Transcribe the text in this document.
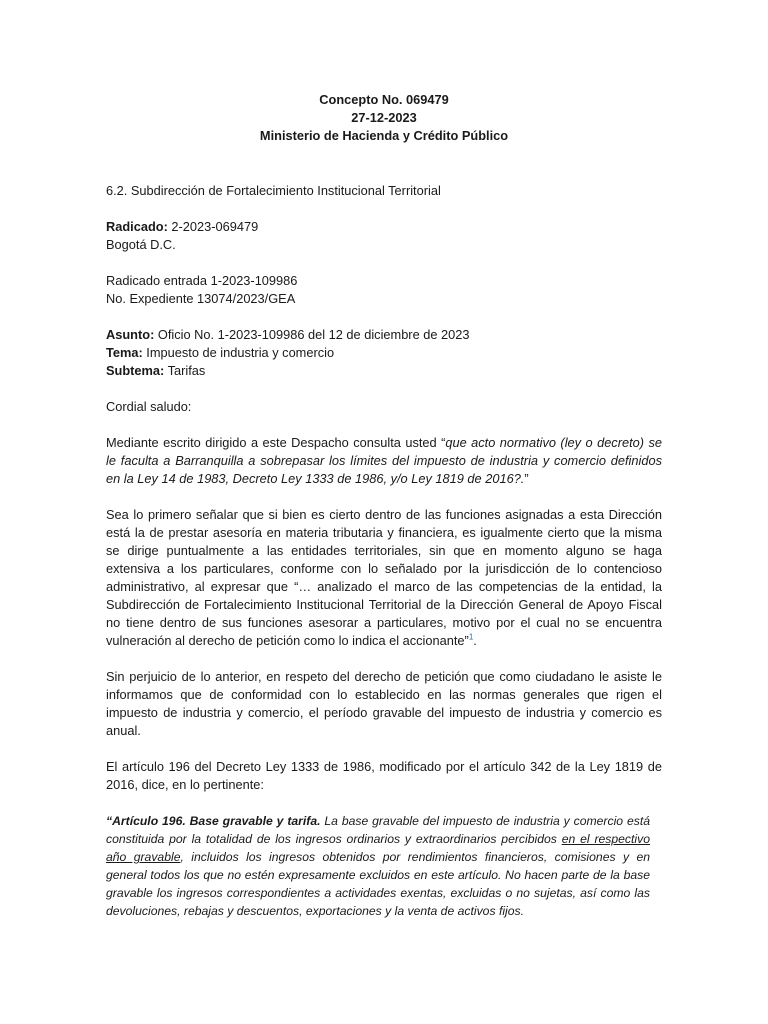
Concepto No. 069479
27-12-2023
Ministerio de Hacienda y Crédito Público

6.2. Subdirección de Fortalecimiento Institucional Territorial

Radicado: 2-2023-069479

Bogotá D.C.

Radicado entrada 1-2023-109986

No. Expediente 13074/2023/GEA

Asunto: Oficio No. 1-2023-109986 del 12 de diciembre de 2023

Tema: Impuesto de industria y comercio

Subtema: Tarifas

Cordial saludo:

Mediante escrito dirigido a este Despacho consulta usted “que acto normativo (ley o decreto) se le faculta a Barranquilla a sobrepasar los límites del impuesto de industria y comercio definidos en la Ley 14 de 1983, Decreto Ley 1333 de 1986, y/o Ley 1819 de 2016?.”

Sea lo primero señalar que si bien es cierto dentro de las funciones asignadas a esta Dirección está la de prestar asesoría en materia tributaria y financiera, es igualmente cierto que la misma se dirige puntualmente a las entidades territoriales, sin que en momento alguno se haga extensiva a los particulares, conforme con lo señalado por la jurisdicción de lo contencioso administrativo, al expresar que “… analizado el marco de las competencias de la entidad, la Subdirección de Fortalecimiento Institucional Territorial de la Dirección General de Apoyo Fiscal no tiene dentro de sus funciones asesorar a particulares, motivo por el cual no se encuentra vulneración al derecho de petición como lo indica el accionante”$^1$.

Sin perjuicio de lo anterior, en respeto del derecho de petición que como ciudadano le asiste le informamos que de conformidad con lo establecido en las normas generales que rigen el impuesto de industria y comercio, el período gravable del impuesto de industria y comercio es anual.

El artículo 196 del Decreto Ley 1333 de 1986, modificado por el artículo 342 de la Ley 1819 de 2016, dice, en lo pertinente:

“Artículo 196. Base gravable y tarifa. La base gravable del impuesto de industria y comercio está constituida por la totalidad de los ingresos ordinarios y extraordinarios percibidos en el respectivo año gravable, incluidos los ingresos obtenidos por rendimientos financieros, comisiones y en general todos los que no estén expresamente excluidos en este artículo. No hacen parte de la base gravable los ingresos correspondientes a actividades exentas, excluidas o no sujetas, así como las devoluciones, rebajas y descuentos, exportaciones y la venta de activos fijos.
